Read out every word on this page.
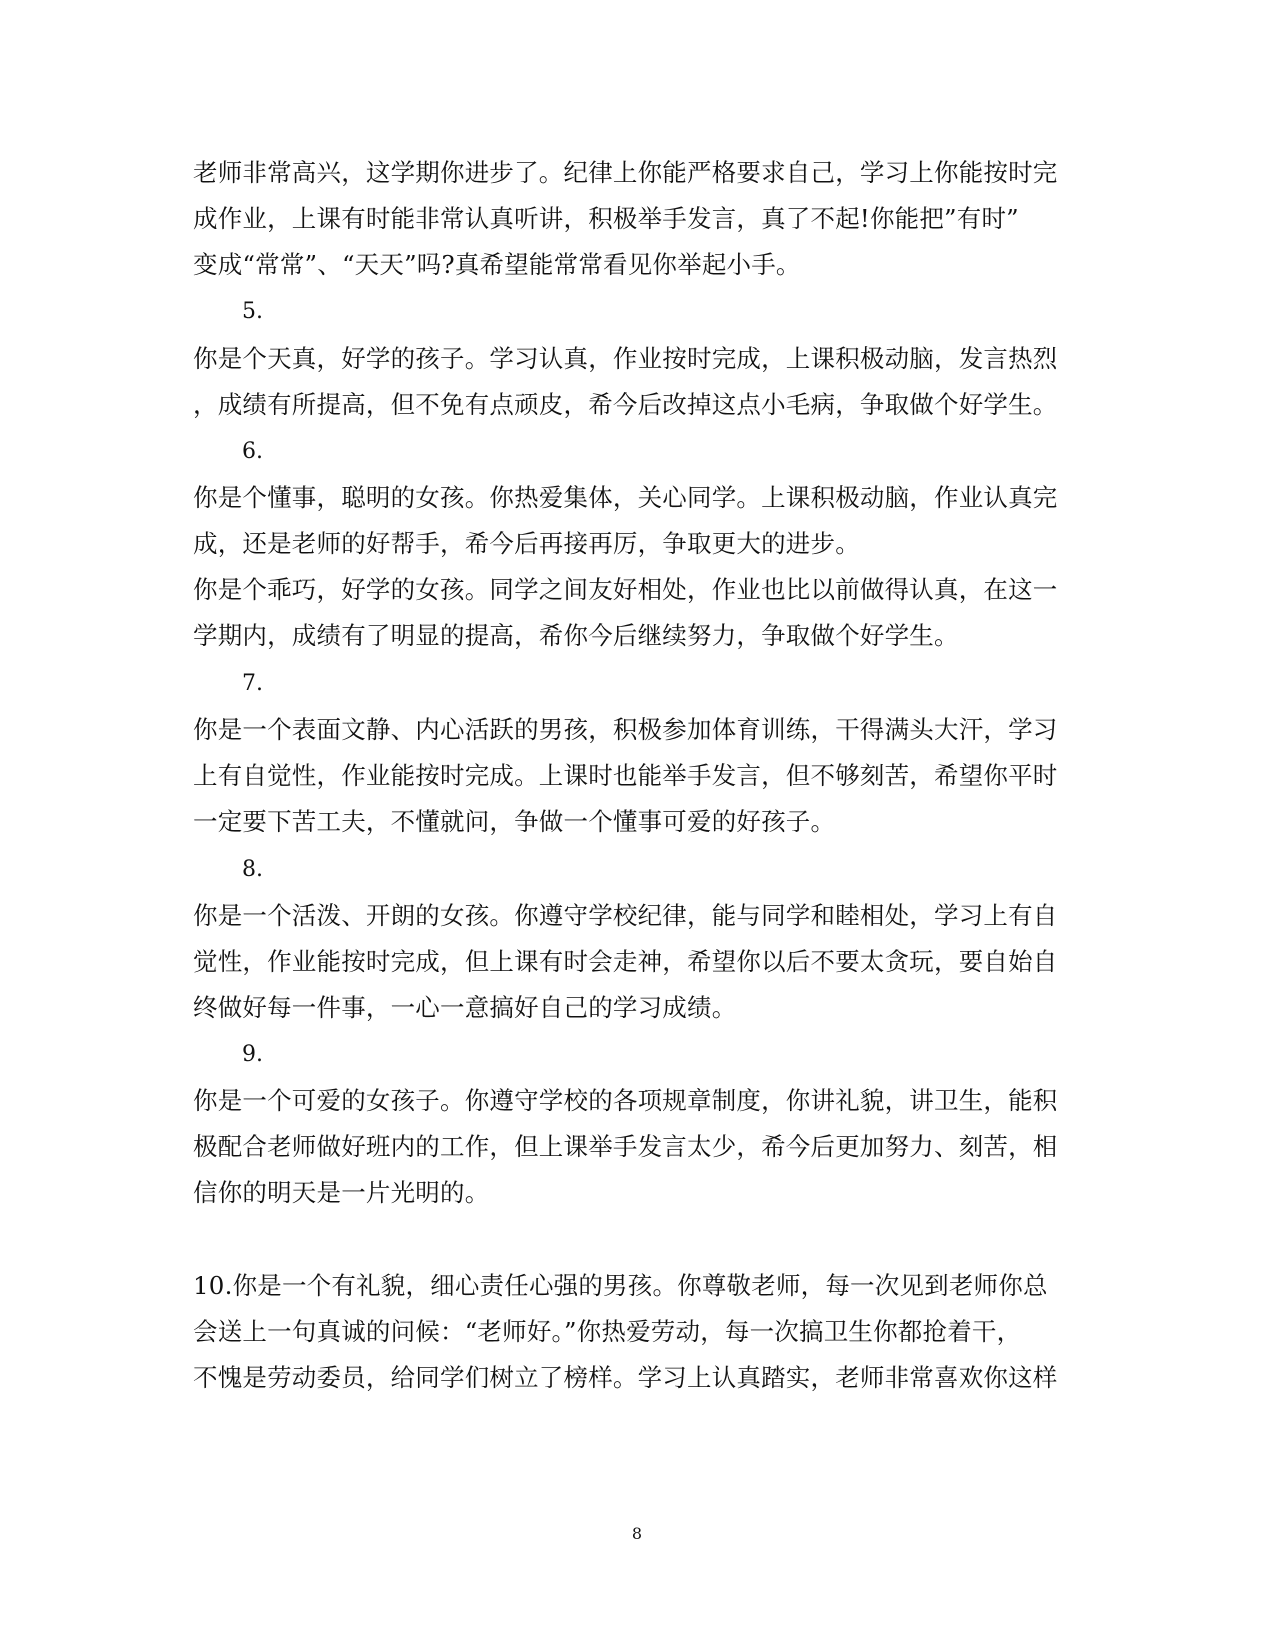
老师非常高兴，这学期你进步了。纪律上你能严格要求自己，学习上你能按时完
成作业，上课有时能非常认真听讲，积极举手发言，真了不起!你能把”有时”
变成“常常”、“天天”吗?真希望能常常看见你举起小手。
5.
你是个天真，好学的孩子。学习认真，作业按时完成，上课积极动脑，发言热烈
，成绩有所提高，但不免有点顽皮，希今后改掉这点小毛病，争取做个好学生。
6.
你是个懂事，聪明的女孩。你热爱集体，关心同学。上课积极动脑，作业认真完
成，还是老师的好帮手，希今后再接再厉，争取更大的进步。
你是个乖巧，好学的女孩。同学之间友好相处，作业也比以前做得认真，在这一
学期内，成绩有了明显的提高，希你今后继续努力，争取做个好学生。
7.
你是一个表面文静、内心活跃的男孩，积极参加体育训练，干得满头大汗，学习
上有自觉性，作业能按时完成。上课时也能举手发言，但不够刻苦，希望你平时
一定要下苦工夫，不懂就问，争做一个懂事可爱的好孩子。
8.
你是一个活泼、开朗的女孩。你遵守学校纪律，能与同学和睦相处，学习上有自
觉性，作业能按时完成，但上课有时会走神，希望你以后不要太贪玩，要自始自
终做好每一件事，一心一意搞好自己的学习成绩。
9.
你是一个可爱的女孩子。你遵守学校的各项规章制度，你讲礼貌，讲卫生，能积
极配合老师做好班内的工作，但上课举手发言太少，希今后更加努力、刻苦，相
信你的明天是一片光明的。
10.你是一个有礼貌，细心责任心强的男孩。你尊敬老师，每一次见到老师你总
会送上一句真诚的问候：“老师好。”你热爱劳动，每一次搞卫生你都抢着干，
不愧是劳动委员，给同学们树立了榜样。学习上认真踏实，老师非常喜欢你这样
8
